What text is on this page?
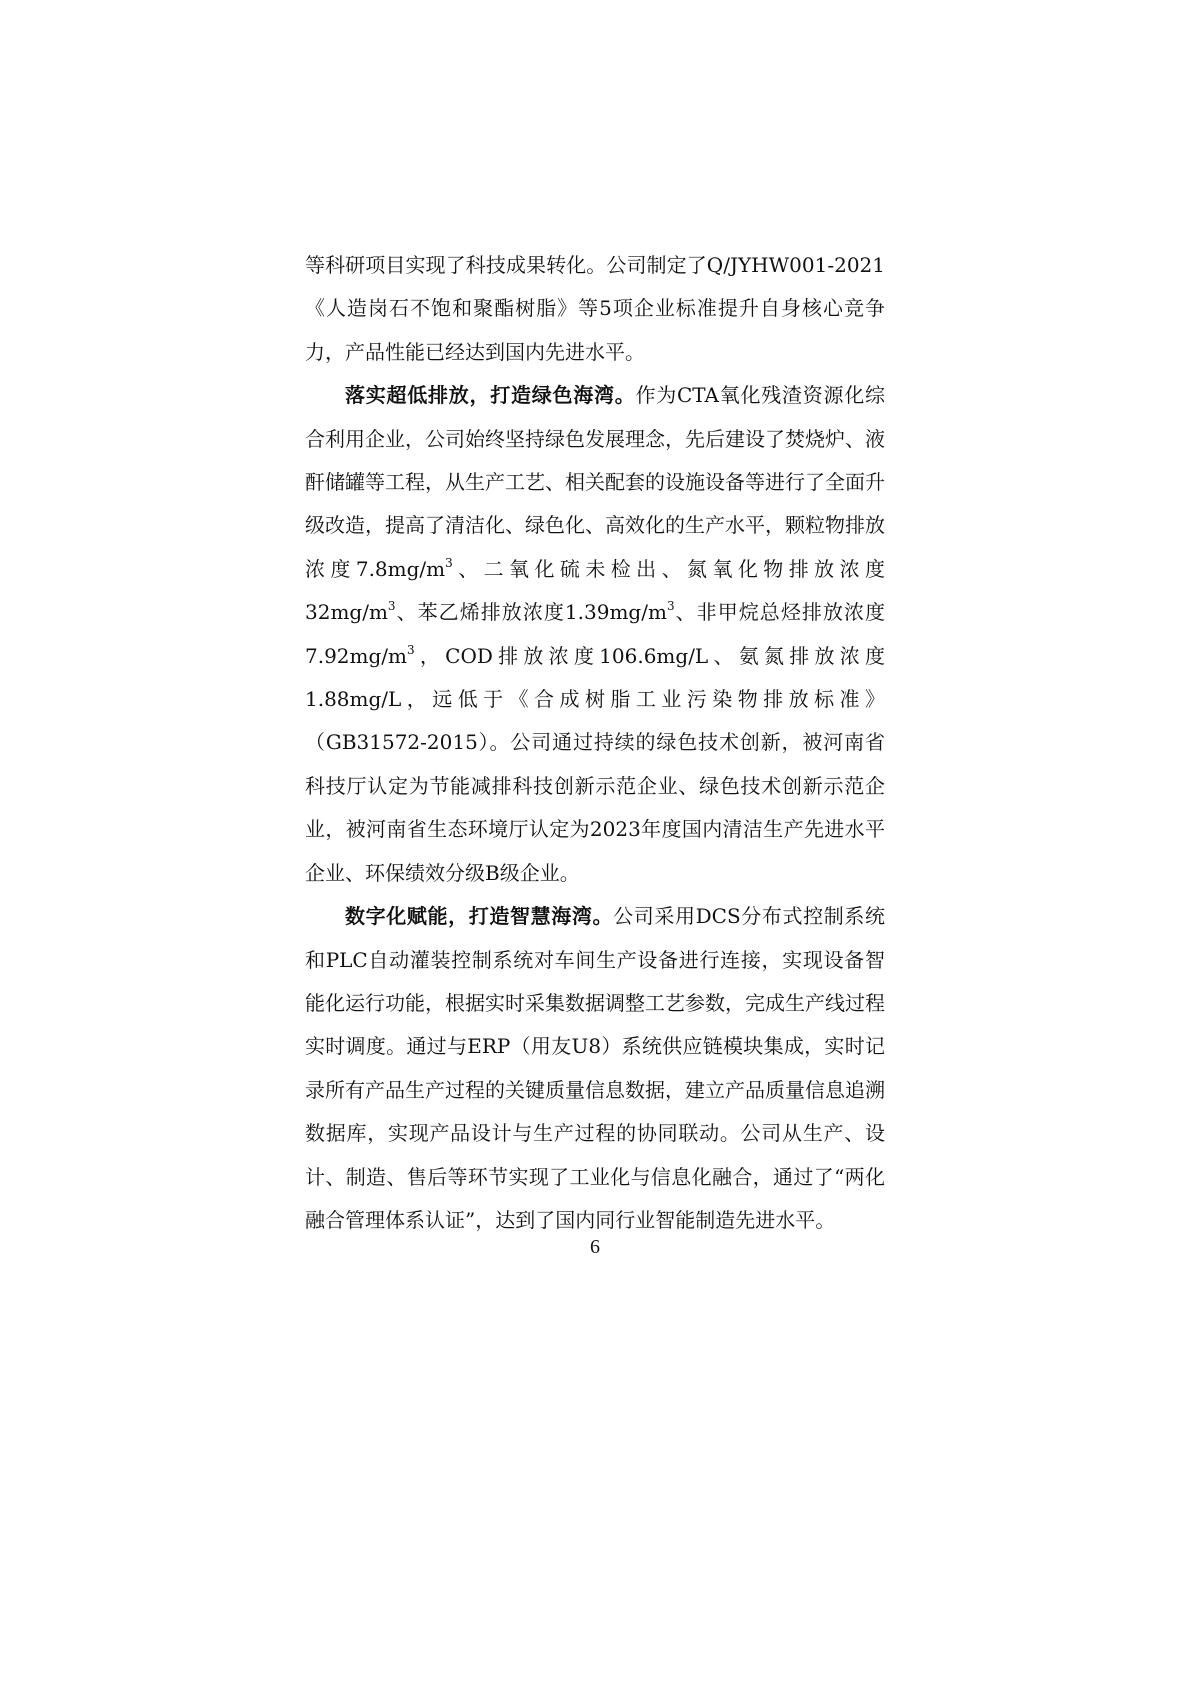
等科研项目实现了科技成果转化。公司制定了Q/JYHW001-2021《人造岗石不饱和聚酯树脂》等5项企业标准提升自身核心竞争力，产品性能已经达到国内先进水平。

落实超低排放，打造绿色海湾。作为CTA氧化残渣资源化综合利用企业，公司始终坚持绿色发展理念，先后建设了焚烧炉、液酐储罐等工程，从生产工艺、相关配套的设施设备等进行了全面升级改造，提高了清洁化、绿色化、高效化的生产水平，颗粒物排放浓度$7.8mg/m^3$、二氧化硫未检出、氮氧化物排放浓度$32mg/m^3$、苯乙烯排放浓度$1.39mg/m^3$、非甲烷总烃排放浓度$7.92mg/m^3$，COD排放浓度106.6mg/L、氨氮排放浓度1.88mg/L，远低于《合成树脂工业污染物排放标准》（GB31572-2015）。公司通过持续的绿色技术创新，被河南省科技厅认定为节能减排科技创新示范企业、绿色技术创新示范企业，被河南省生态环境厅认定为2023年度国内清洁生产先进水平企业、环保绩效分级B级企业。

数字化赋能，打造智慧海湾。公司采用DCS分布式控制系统和PLC自动灌装控制系统对车间生产设备进行连接，实现设备智能化运行功能，根据实时采集数据调整工艺参数，完成生产线过程实时调度。通过与ERP（用友U8）系统供应链模块集成，实时记录所有产品生产过程的关键质量信息数据，建立产品质量信息追溯数据库，实现产品设计与生产过程的协同联动。公司从生产、设计、制造、售后等环节实现了工业化与信息化融合，通过了“两化融合管理体系认证”，达到了国内同行业智能制造先进水平。

6
